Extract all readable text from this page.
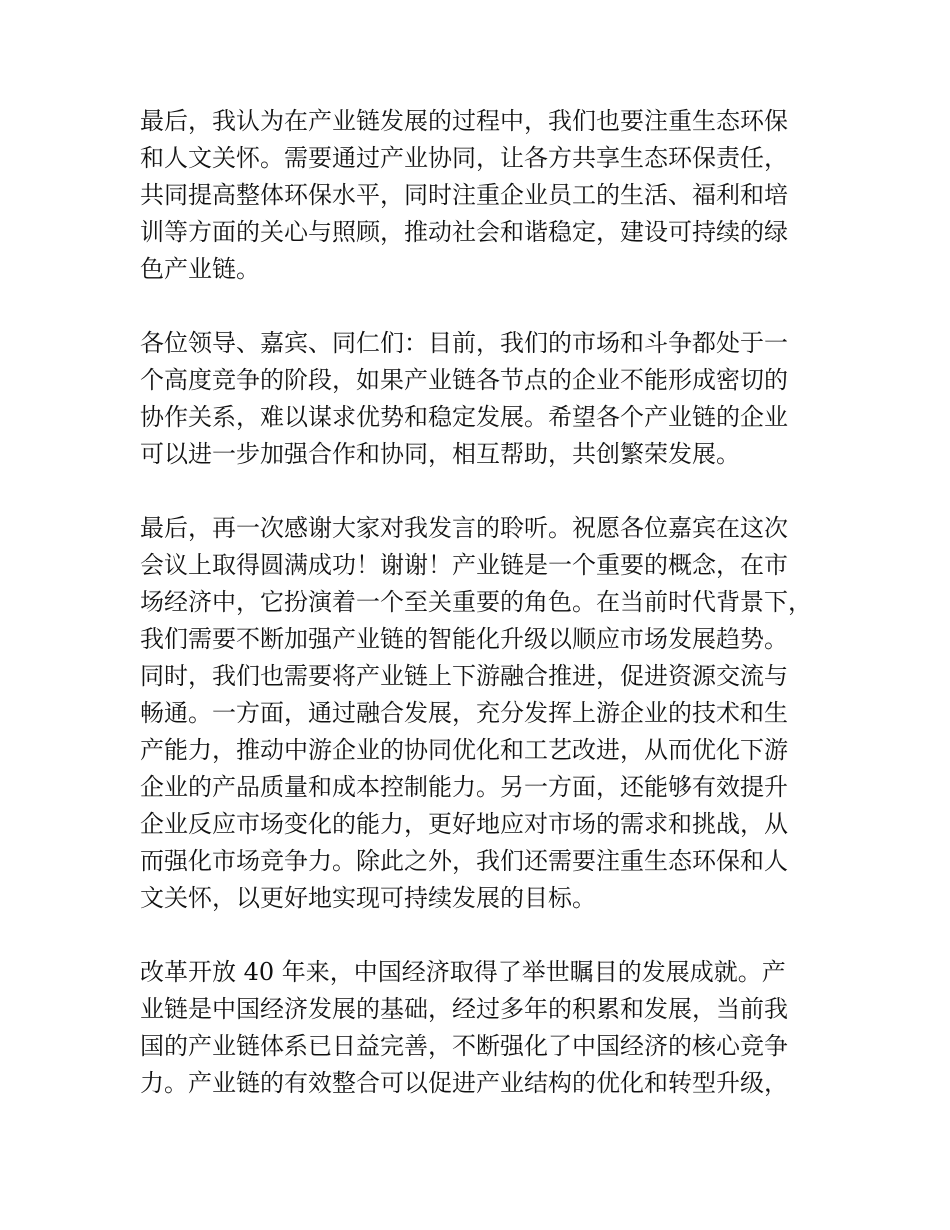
最后，我认为在产业链发展的过程中，我们也要注重生态环保
和人文关怀。需要通过产业协同，让各方共享生态环保责任，
共同提高整体环保水平，同时注重企业员工的生活、福利和培
训等方面的关心与照顾，推动社会和谐稳定，建设可持续的绿
色产业链。
各位领导、嘉宾、同仁们：目前，我们的市场和斗争都处于一
个高度竞争的阶段，如果产业链各节点的企业不能形成密切的
协作关系，难以谋求优势和稳定发展。希望各个产业链的企业
可以进一步加强合作和协同，相互帮助，共创繁荣发展。
最后，再一次感谢大家对我发言的聆听。祝愿各位嘉宾在这次
会议上取得圆满成功！谢谢！产业链是一个重要的概念，在市
场经济中，它扮演着一个至关重要的角色。在当前时代背景下，
我们需要不断加强产业链的智能化升级以顺应市场发展趋势。
同时，我们也需要将产业链上下游融合推进，促进资源交流与
畅通。一方面，通过融合发展，充分发挥上游企业的技术和生
产能力，推动中游企业的协同优化和工艺改进，从而优化下游
企业的产品质量和成本控制能力。另一方面，还能够有效提升
企业反应市场变化的能力，更好地应对市场的需求和挑战，从
而强化市场竞争力。除此之外，我们还需要注重生态环保和人
文关怀，以更好地实现可持续发展的目标。
改革开放 40 年来，中国经济取得了举世瞩目的发展成就。产
业链是中国经济发展的基础，经过多年的积累和发展，当前我
国的产业链体系已日益完善，不断强化了中国经济的核心竞争
力。产业链的有效整合可以促进产业结构的优化和转型升级，
